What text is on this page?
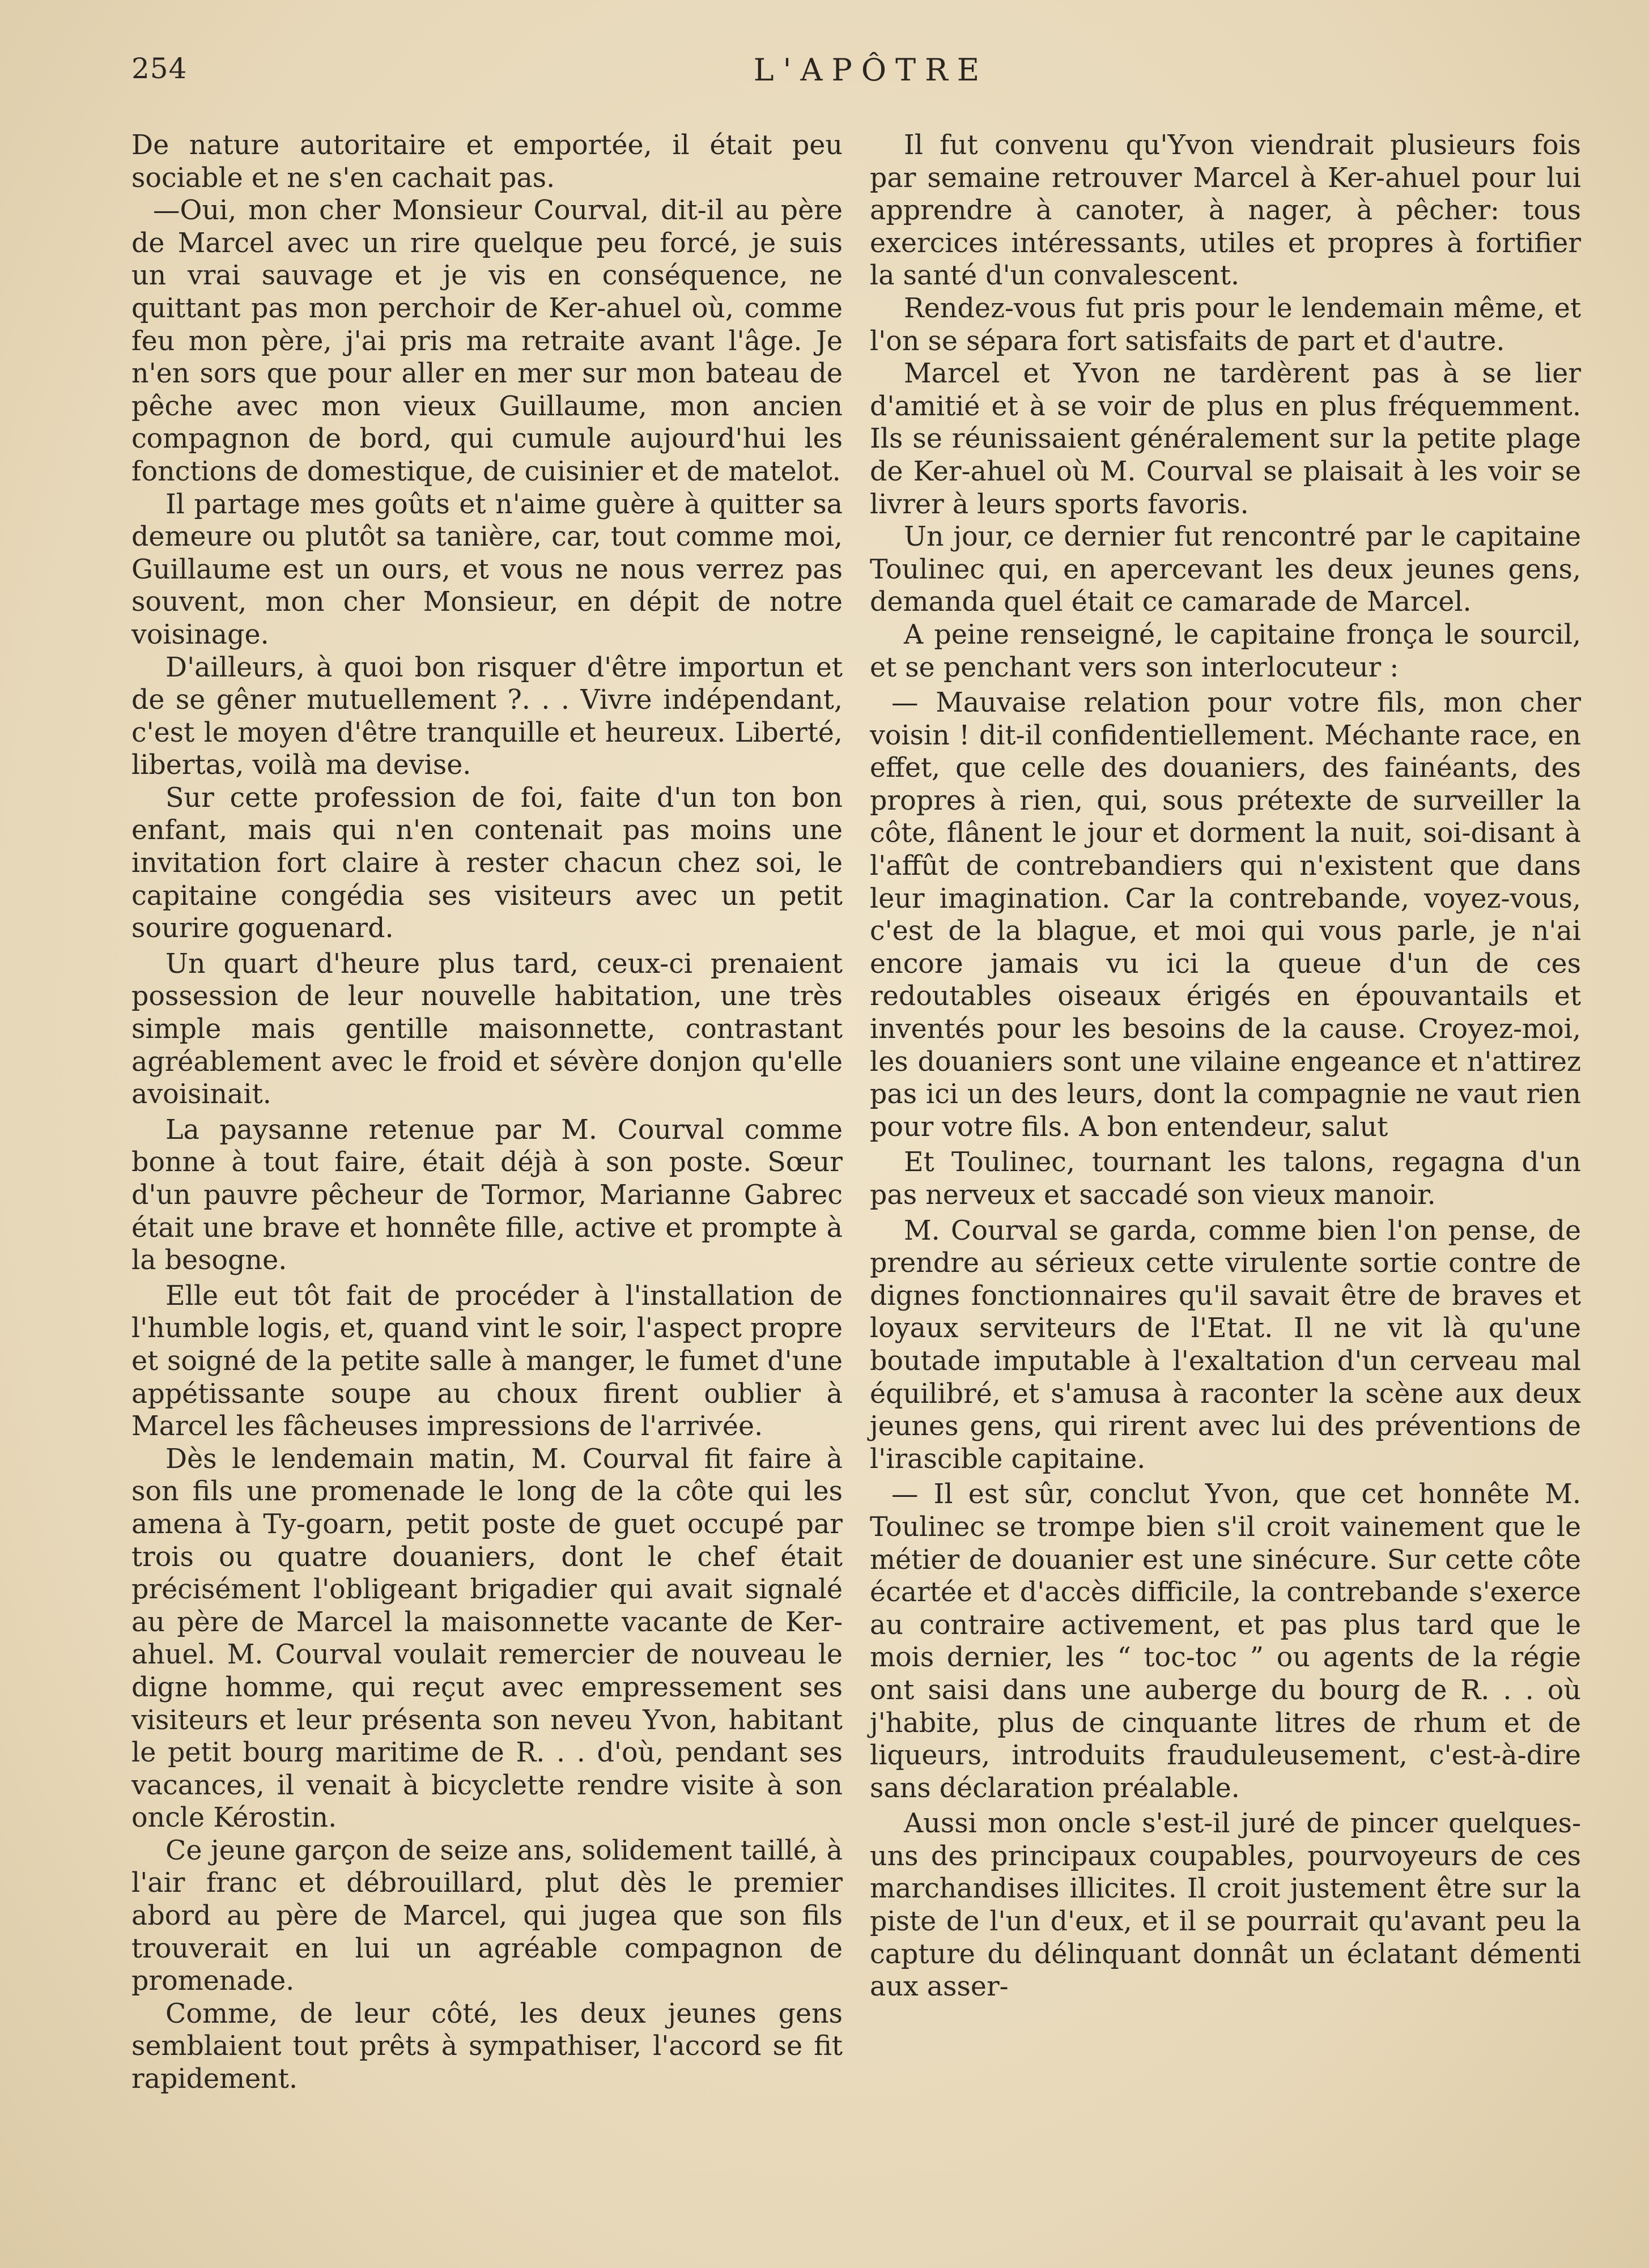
254	L'APÔTRE

De nature autoritaire et emportée, il était peu sociable et ne s'en cachait pas.

—Oui, mon cher Monsieur Courval, dit-il au père de Marcel avec un rire quelque peu forcé, je suis un vrai sauvage et je vis en conséquence, ne quittant pas mon perchoir de Ker-ahuel où, comme feu mon père, j'ai pris ma retraite avant l'âge. Je n'en sors que pour aller en mer sur mon bateau de pêche avec mon vieux Guillaume, mon ancien compagnon de bord, qui cumule aujourd'hui les fonctions de domestique, de cuisinier et de matelot.

Il partage mes goûts et n'aime guère à quitter sa demeure ou plutôt sa tanière, car, tout comme moi, Guillaume est un ours, et vous ne nous verrez pas souvent, mon cher Monsieur, en dépit de notre voisinage.

D'ailleurs, à quoi bon risquer d'être importun et de se gêner mutuellement ?. . . Vivre indépendant, c'est le moyen d'être tranquille et heureux. Liberté, libertas, voilà ma devise.

Sur cette profession de foi, faite d'un ton bon enfant, mais qui n'en contenait pas moins une invitation fort claire à rester chacun chez soi, le capitaine congédia ses visiteurs avec un petit sourire goguenard.

Un quart d'heure plus tard, ceux-ci prenaient possession de leur nouvelle habitation, une très simple mais gentille maisonnette, contrastant agréablement avec le froid et sévère donjon qu'elle avoisinait.

La paysanne retenue par M. Courval comme bonne à tout faire, était déjà à son poste. Sœur d'un pauvre pêcheur de Tormor, Marianne Gabrec était une brave et honnête fille, active et prompte à la besogne.

Elle eut tôt fait de procéder à l'installation de l'humble logis, et, quand vint le soir, l'aspect propre et soigné de la petite salle à manger, le fumet d'une appétissante soupe au choux firent oublier à Marcel les fâcheuses impressions de l'arrivée.

Dès le lendemain matin, M. Courval fit faire à son fils une promenade le long de la côte qui les amena à Ty-goarn, petit poste de guet occupé par trois ou quatre douaniers, dont le chef était précisément l'obligeant brigadier qui avait signalé au père de Marcel la maisonnette vacante de Ker-ahuel. M. Courval voulait remercier de nouveau le digne homme, qui reçut avec empressement ses visiteurs et leur présenta son neveu Yvon, habitant le petit bourg maritime de R. . . d'où, pendant ses vacances, il venait à bicyclette rendre visite à son oncle Kérostin.

Ce jeune garçon de seize ans, solidement taillé, à l'air franc et débrouillard, plut dès le premier abord au père de Marcel, qui jugea que son fils trouverait en lui un agréable compagnon de promenade.

Comme, de leur côté, les deux jeunes gens semblaient tout prêts à sympathiser, l'accord se fit rapidement.

Il fut convenu qu'Yvon viendrait plusieurs fois par semaine retrouver Marcel à Ker-ahuel pour lui apprendre à canoter, à nager, à pêcher: tous exercices intéressants, utiles et propres à fortifier la santé d'un convalescent.

Rendez-vous fut pris pour le lendemain même, et l'on se sépara fort satisfaits de part et d'autre.

Marcel et Yvon ne tardèrent pas à se lier d'amitié et à se voir de plus en plus fréquemment. Ils se réunissaient généralement sur la petite plage de Ker-ahuel où M. Courval se plaisait à les voir se livrer à leurs sports favoris.

Un jour, ce dernier fut rencontré par le capitaine Toulinec qui, en apercevant les deux jeunes gens, demanda quel était ce camarade de Marcel.

A peine renseigné, le capitaine fronça le sourcil, et se penchant vers son interlocuteur :

— Mauvaise relation pour votre fils, mon cher voisin ! dit-il confidentiellement. Méchante race, en effet, que celle des douaniers, des fainéants, des propres à rien, qui, sous prétexte de surveiller la côte, flânent le jour et dorment la nuit, soi-disant à l'affût de contrebandiers qui n'existent que dans leur imagination. Car la contrebande, voyez-vous, c'est de la blague, et moi qui vous parle, je n'ai encore jamais vu ici la queue d'un de ces redoutables oiseaux érigés en épouvantails et inventés pour les besoins de la cause. Croyez-moi, les douaniers sont une vilaine engeance et n'attirez pas ici un des leurs, dont la compagnie ne vaut rien pour votre fils. A bon entendeur, salut

Et Toulinec, tournant les talons, regagna d'un pas nerveux et saccadé son vieux manoir.

M. Courval se garda, comme bien l'on pense, de prendre au sérieux cette virulente sortie contre de dignes fonctionnaires qu'il savait être de braves et loyaux serviteurs de l'Etat. Il ne vit là qu'une boutade imputable à l'exaltation d'un cerveau mal équilibré, et s'amusa à raconter la scène aux deux jeunes gens, qui rirent avec lui des préventions de l'irascible capitaine.

— Il est sûr, conclut Yvon, que cet honnête M. Toulinec se trompe bien s'il croit vainement que le métier de douanier est une sinécure. Sur cette côte écartée et d'accès difficile, la contrebande s'exerce au contraire activement, et pas plus tard que le mois dernier, les “ toc-toc ” ou agents de la régie ont saisi dans une auberge du bourg de R. . . où j'habite, plus de cinquante litres de rhum et de liqueurs, introduits frauduleusement, c'est-à-dire sans déclaration préalable.

Aussi mon oncle s'est-il juré de pincer quelques-uns des principaux coupables, pourvoyeurs de ces marchandises illicites. Il croit justement être sur la piste de l'un d'eux, et il se pourrait qu'avant peu la capture du délinquant donnât un éclatant démenti aux asser-
